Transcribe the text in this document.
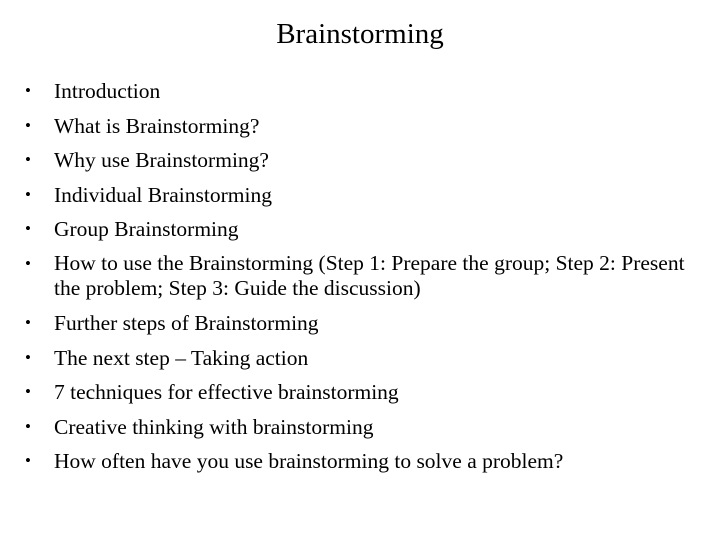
Brainstorming
•	Introduction
•	What is Brainstorming?
•	Why use Brainstorming?
•	Individual Brainstorming
•	Group Brainstorming
•	How to use the Brainstorming (Step 1: Prepare the group; Step 2: Present the problem; Step 3: Guide the discussion)
•	Further steps of Brainstorming
•	The next step – Taking action
•	7 techniques for effective brainstorming
•	Creative thinking with brainstorming
•	How often have you use brainstorming to solve a problem?
